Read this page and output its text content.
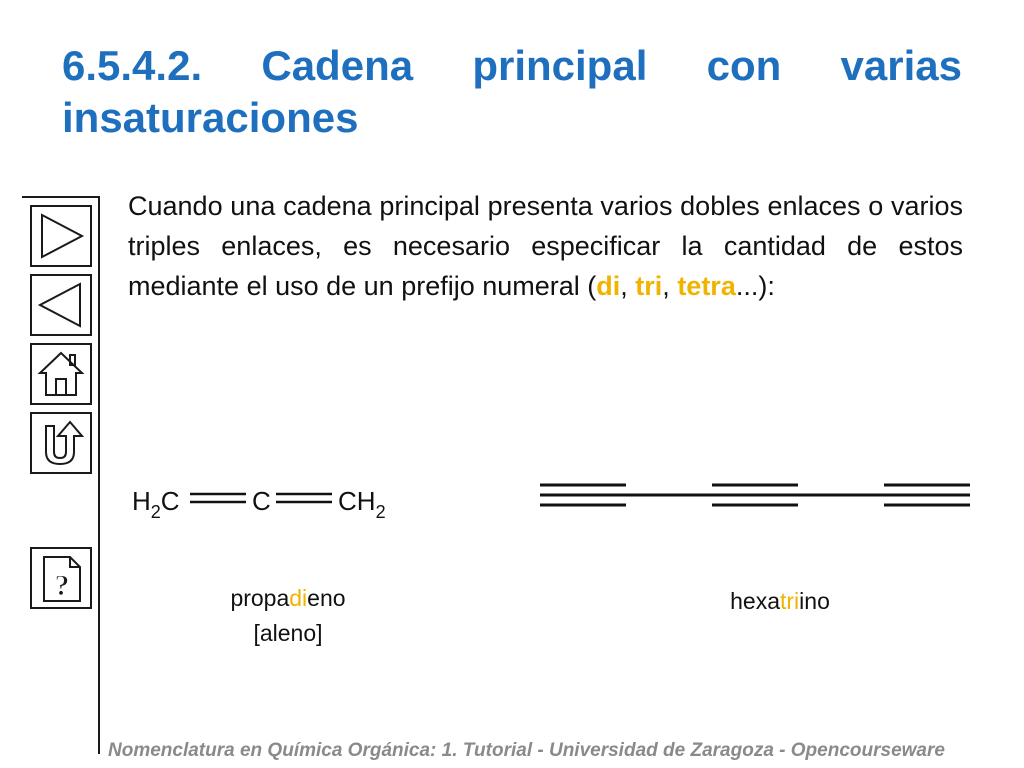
6.5.4.2. Cadena principal con varias
insaturaciones
?
Cuando una cadena principal presenta varios dobles enlaces o varios triples enlaces, es necesario especificar la cantidad de estos mediante el uso de un prefijo numeral (di, tri, tetra...):
$H_2C$	C	$CH_2$
propadieno
[aleno]
hexatriino
Nomenclatura en Química Orgánica: 1. Tutorial - Universidad de Zaragoza - Opencourseware
